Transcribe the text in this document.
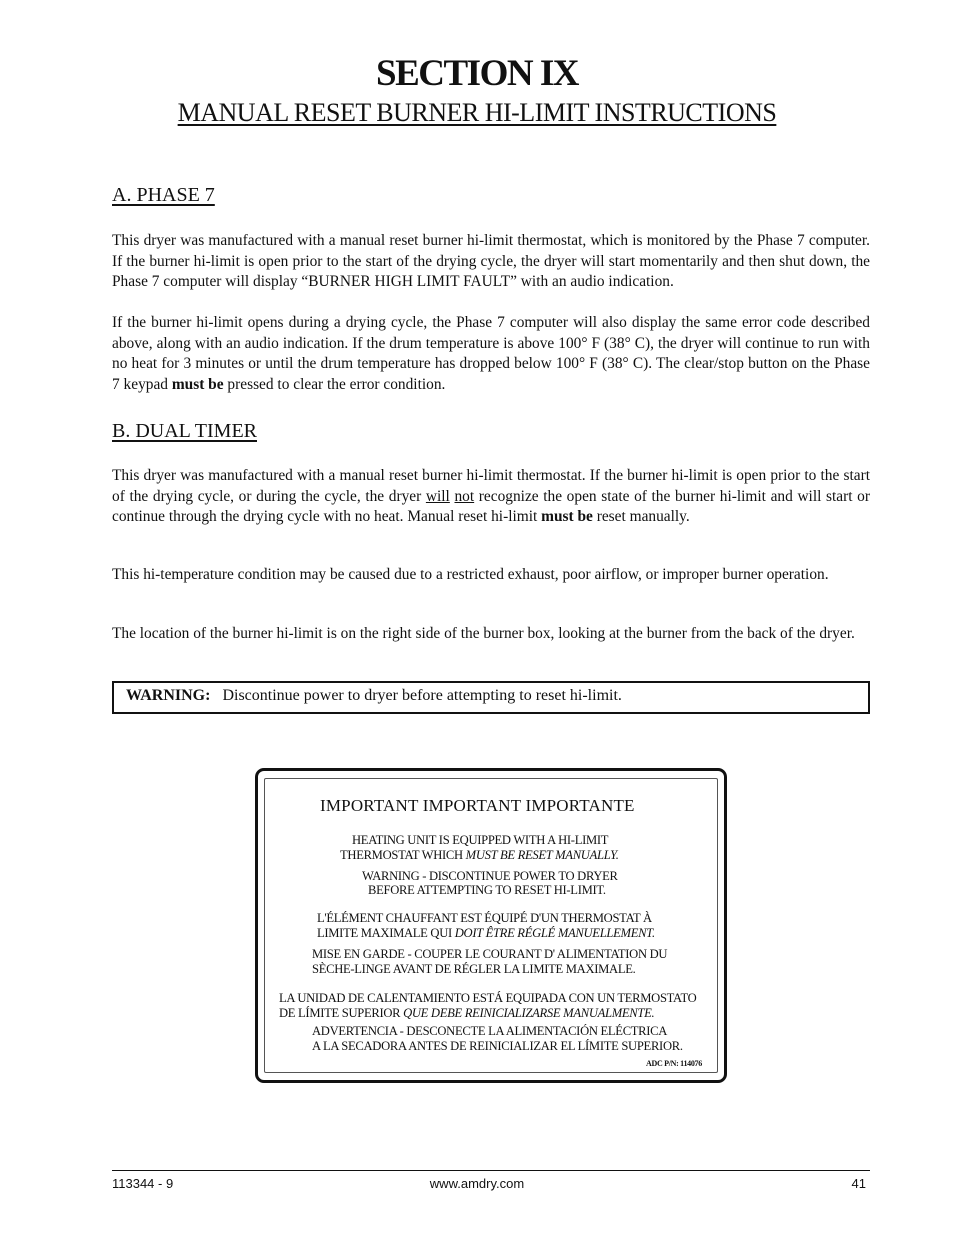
SECTION IX
MANUAL RESET BURNER HI-LIMIT INSTRUCTIONS
A. PHASE 7
This dryer was manufactured with a manual reset burner hi-limit thermostat, which is monitored by the Phase 7 computer. If the burner hi-limit is open prior to the start of the drying cycle, the dryer will start momentarily and then shut down, the Phase 7 computer will display “BURNER HIGH LIMIT FAULT” with an audio indication.
If the burner hi-limit opens during a drying cycle, the Phase 7 computer will also display the same error code described above, along with an audio indication. If the drum temperature is above 100° F (38° C), the dryer will continue to run with no heat for 3 minutes or until the drum temperature has dropped below 100° F (38° C). The clear/stop button on the Phase 7 keypad must be pressed to clear the error condition.
B. DUAL TIMER
This dryer was manufactured with a manual reset burner hi-limit thermostat. If the burner hi-limit is open prior to the start of the drying cycle, or during the cycle, the dryer will not recognize the open state of the burner hi-limit and will start or continue through the drying cycle with no heat. Manual reset hi-limit must be reset manually.
This hi-temperature condition may be caused due to a restricted exhaust, poor airflow, or improper burner operation.
The location of the burner hi-limit is on the right side of the burner box, looking at the burner from the back of the dryer.
WARNING: Discontinue power to dryer before attempting to reset hi-limit.
IMPORTANT IMPORTANT IMPORTANTE
HEATING UNIT IS EQUIPPED WITH A HI-LIMIT
THERMOSTAT WHICH MUST BE RESET MANUALLY.
WARNING - DISCONTINUE POWER TO DRYER
BEFORE ATTEMPTING TO RESET HI-LIMIT.
L'ÉLÉMENT CHAUFFANT EST ÉQUIPÉ D'UN THERMOSTAT À
LIMITE MAXIMALE QUI DOIT ÊTRE RÉGLÉ MANUELLEMENT.
MISE EN GARDE - COUPER LE COURANT D' ALIMENTATION DU
SÈCHE-LINGE AVANT DE RÉGLER LA LIMITE MAXIMALE.
LA UNIDAD DE CALENTAMIENTO ESTÁ EQUIPADA CON UN TERMOSTATO
DE LÍMITE SUPERIOR QUE DEBE REINICIALIZARSE MANUALMENTE.
ADVERTENCIA - DESCONECTE LA ALIMENTACIÓN ELÉCTRICA
A LA SECADORA ANTES DE REINICIALIZAR EL LÍMITE SUPERIOR.
ADC P/N: 114076
113344 - 9	www.amdry.com	41
